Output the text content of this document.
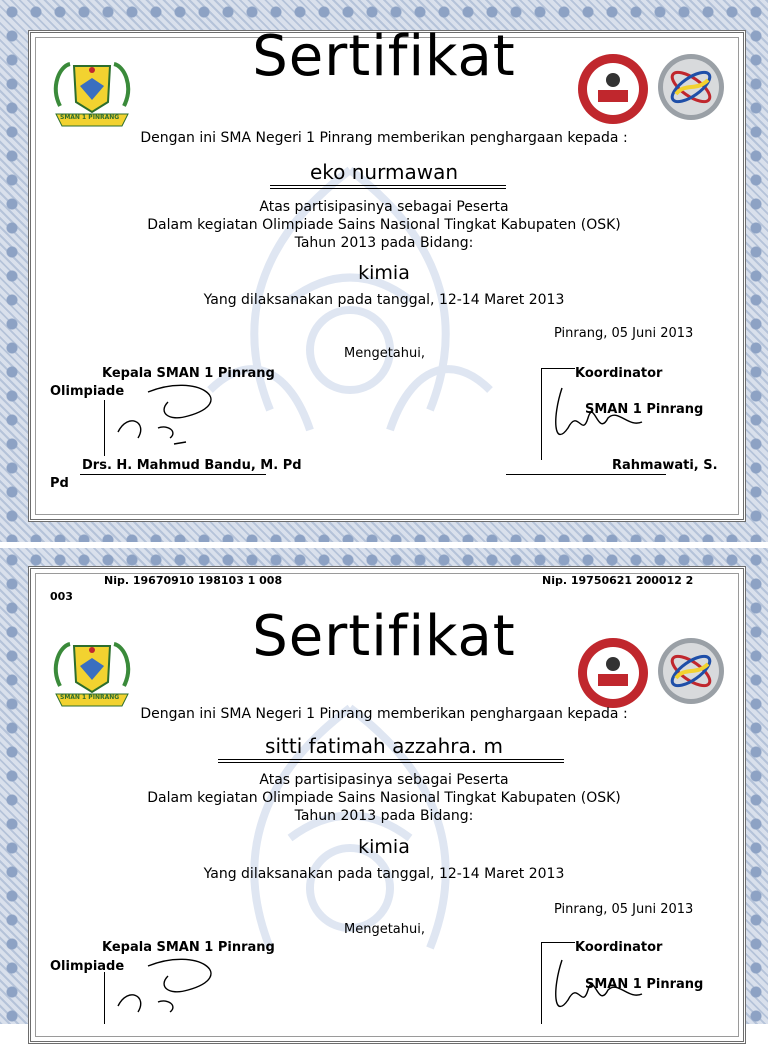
SMAN 1 PINRANG
Sertifikat
Dengan ini SMA Negeri 1 Pinrang memberikan penghargaan kepada :
eko nurmawan
Atas partisipasinya sebagai Peserta
Dalam kegiatan Olimpiade Sains Nasional Tingkat Kabupaten (OSK)
Tahun 2013 pada Bidang:
kimia
Yang dilaksanakan pada tanggal, 12-14 Maret 2013
Pinrang, 05 Juni 2013
Mengetahui,
Kepala SMAN 1 Pinrang
Olimpiade
Koordinator
SMAN 1 Pinrang
Drs. H. Mahmud Bandu, M. Pd	Rahmawati, S.
Pd
Nip. 19670910 198103 1 008	Nip. 19750621 200012 2
003
SMAN 1 PINRANG
Sertifikat
Dengan ini SMA Negeri 1 Pinrang memberikan penghargaan kepada :
sitti fatimah azzahra. m
Atas partisipasinya sebagai Peserta
Dalam kegiatan Olimpiade Sains Nasional Tingkat Kabupaten (OSK)
Tahun 2013 pada Bidang:
kimia
Yang dilaksanakan pada tanggal, 12-14 Maret 2013
Pinrang, 05 Juni 2013
Mengetahui,
Kepala SMAN 1 Pinrang
Olimpiade
Koordinator
SMAN 1 Pinrang
